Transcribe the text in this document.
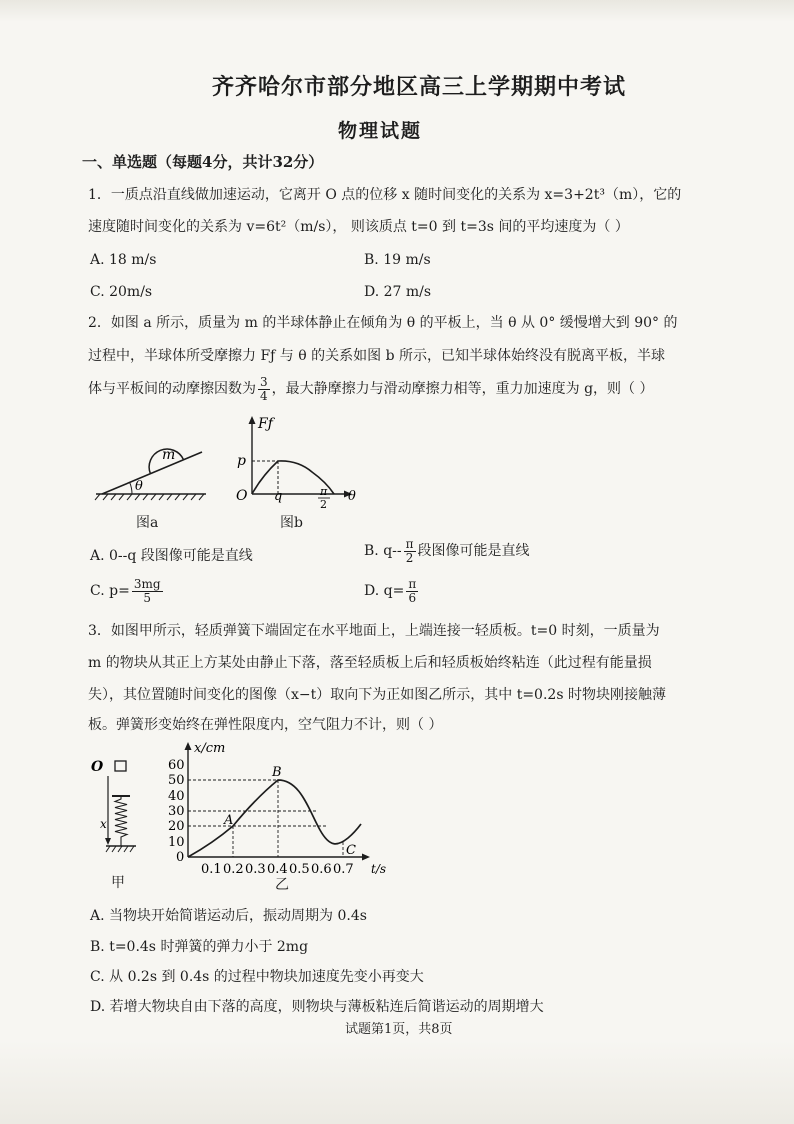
齐齐哈尔市部分地区高三上学期期中考试
物理试题
一、单选题（每题4分，共计32分）
1．一质点沿直线做加速运动，它离开 O 点的位移 x 随时间变化的关系为 x=3+2t³（m），它的
速度随时间变化的关系为 v=6t²（m/s）， 则该质点 t=0 到 t=3s 间的平均速度为（ ）
A. 18 m/s	B. 19 m/s
C. 20m/s	D. 27 m/s
2．如图 a 所示，质量为 m 的半球体静止在倾角为 θ 的平板上，当 θ 从 0° 缓慢增大到 90° 的
过程中，半球体所受摩擦力 Fƒ 与 θ 的关系如图 b 所示，已知半球体始终没有脱离平板，半球
体与平板间的动摩擦因数为 $\frac{3}{4}$ ，最大静摩擦力与滑动摩擦力相等，重力加速度为 g，则（ ）
m
θ
图a
Fƒ
p
O q	π
2
θ
图b
A. 0--q 段图像可能是直线	B. $q-- \frac{\pi}{2}$ 段图像可能是直线
C. $p= \frac{3mg}{5}$	D. $q= \frac{\pi}{6}$
3．如图甲所示，轻质弹簧下端固定在水平地面上，上端连接一轻质板。t=0 时刻，一质量为
m 的物块从其正上方某处由静止下落，落至轻质板上后和轻质板始终粘连（此过程有能量损
失），其位置随时间变化的图像（x−t）取向下为正如图乙所示，其中 t=0.2s 时物块刚接触薄
板。弹簧形变始终在弹性限度内，空气阻力不计，则（ ）
O
x
甲
x/cm
60
50
40
30
20
10
0
0.1 0.2 0.3 0.4 0.5 0.6 0.7 t/s
A
B
C
乙
A. 当物块开始简谐运动后，振动周期为 0.4s
B. t=0.4s 时弹簧的弹力小于 2mg
C. 从 0.2s 到 0.4s 的过程中物块加速度先变小再变大
D. 若增大物块自由下落的高度，则物块与薄板粘连后简谐运动的周期增大
试题第1页，共8页
